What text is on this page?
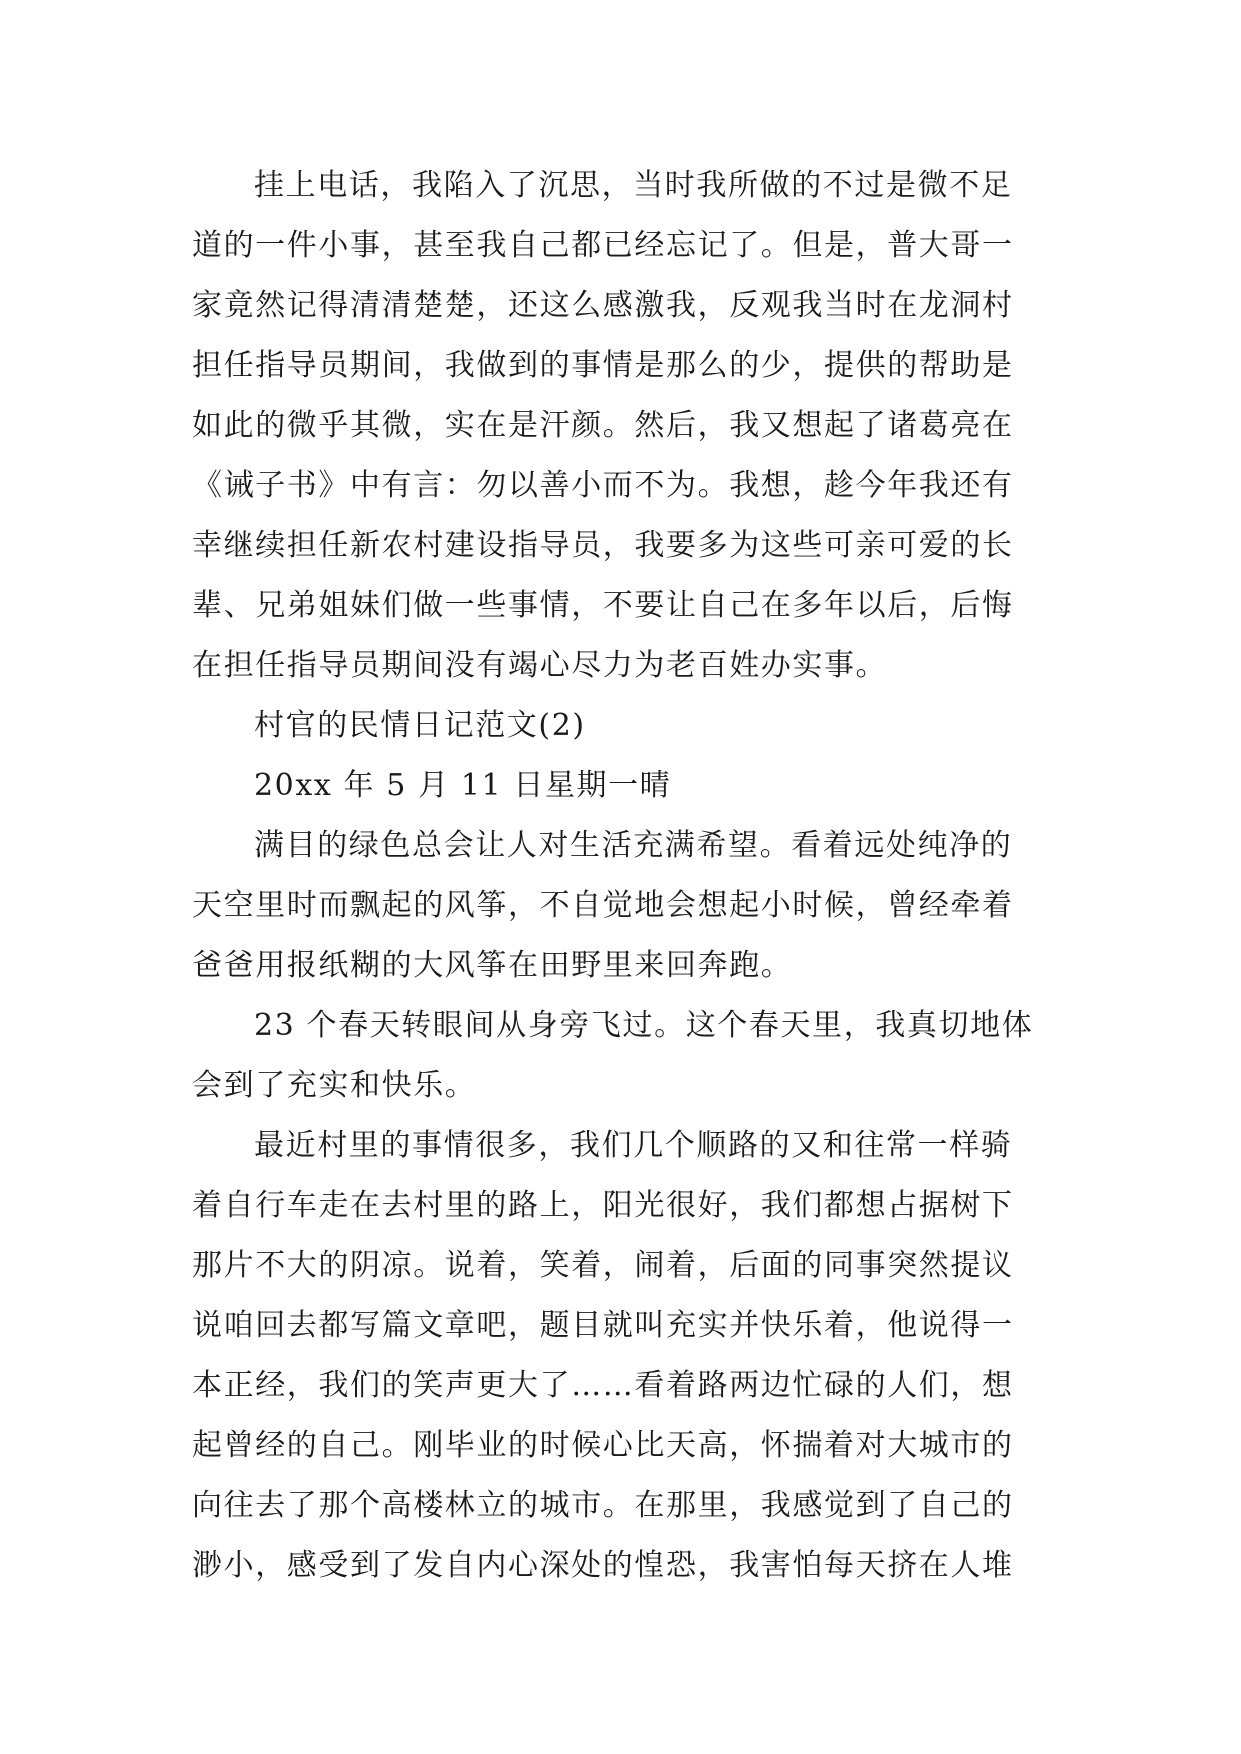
挂上电话，我陷入了沉思，当时我所做的不过是微不足
道的一件小事，甚至我自己都已经忘记了。但是，普大哥一
家竟然记得清清楚楚，还这么感激我，反观我当时在龙洞村
担任指导员期间，我做到的事情是那么的少，提供的帮助是
如此的微乎其微，实在是汗颜。然后，我又想起了诸葛亮在
《诫子书》中有言：勿以善小而不为。我想，趁今年我还有
幸继续担任新农村建设指导员，我要多为这些可亲可爱的长
辈、兄弟姐妹们做一些事情，不要让自己在多年以后，后悔
在担任指导员期间没有竭心尽力为老百姓办实事。
村官的民情日记范文(2)
20xx 年 5 月 11 日星期一晴
满目的绿色总会让人对生活充满希望。看着远处纯净的
天空里时而飘起的风筝，不自觉地会想起小时候，曾经牵着
爸爸用报纸糊的大风筝在田野里来回奔跑。
23 个春天转眼间从身旁飞过。这个春天里，我真切地体
会到了充实和快乐。
最近村里的事情很多，我们几个顺路的又和往常一样骑
着自行车走在去村里的路上，阳光很好，我们都想占据树下
那片不大的阴凉。说着，笑着，闹着，后面的同事突然提议
说咱回去都写篇文章吧，题目就叫充实并快乐着，他说得一
本正经，我们的笑声更大了……看着路两边忙碌的人们，想
起曾经的自己。刚毕业的时候心比天高，怀揣着对大城市的
向往去了那个高楼林立的城市。在那里，我感觉到了自己的
渺小，感受到了发自内心深处的惶恐，我害怕每天挤在人堆
